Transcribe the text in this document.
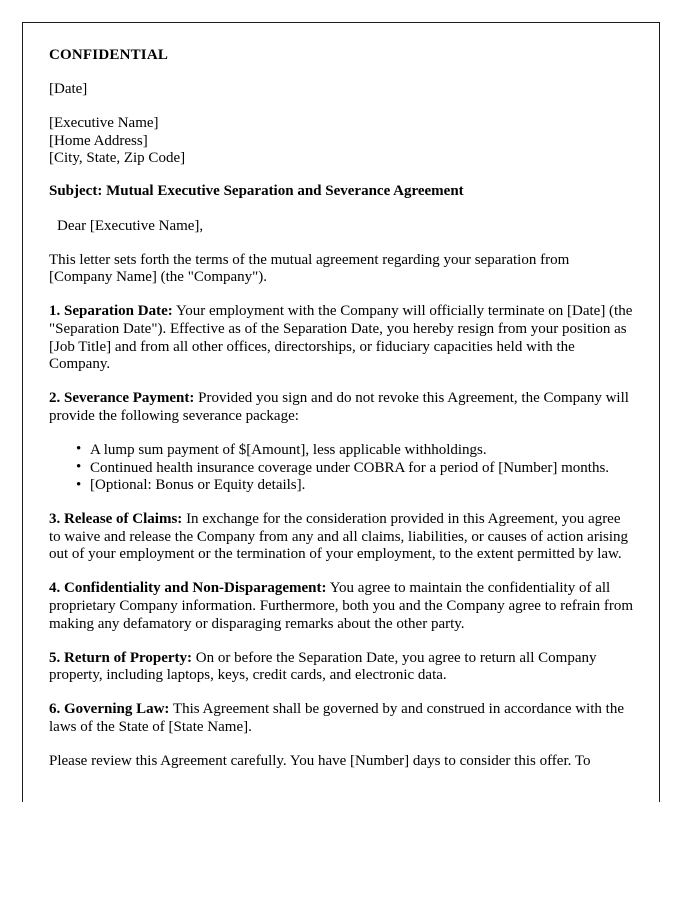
CONFIDENTIAL
[Date]
[Executive Name]
[Home Address]
[City, State, Zip Code]
Subject: Mutual Executive Separation and Severance Agreement
Dear [Executive Name],
This letter sets forth the terms of the mutual agreement regarding your separation from [Company Name] (the "Company").
1. Separation Date: Your employment with the Company will officially terminate on [Date] (the "Separation Date"). Effective as of the Separation Date, you hereby resign from your position as [Job Title] and from all other offices, directorships, or fiduciary capacities held with the Company.
2. Severance Payment: Provided you sign and do not revoke this Agreement, the Company will provide the following severance package:
• A lump sum payment of $[Amount], less applicable withholdings.
• Continued health insurance coverage under COBRA for a period of [Number] months.
• [Optional: Bonus or Equity details].
3. Release of Claims: In exchange for the consideration provided in this Agreement, you agree to waive and release the Company from any and all claims, liabilities, or causes of action arising out of your employment or the termination of your employment, to the extent permitted by law.
4. Confidentiality and Non-Disparagement: You agree to maintain the confidentiality of all proprietary Company information. Furthermore, both you and the Company agree to refrain from making any defamatory or disparaging remarks about the other party.
5. Return of Property: On or before the Separation Date, you agree to return all Company property, including laptops, keys, credit cards, and electronic data.
6. Governing Law: This Agreement shall be governed by and construed in accordance with the laws of the State of [State Name].
Please review this Agreement carefully. You have [Number] days to consider this offer. To
